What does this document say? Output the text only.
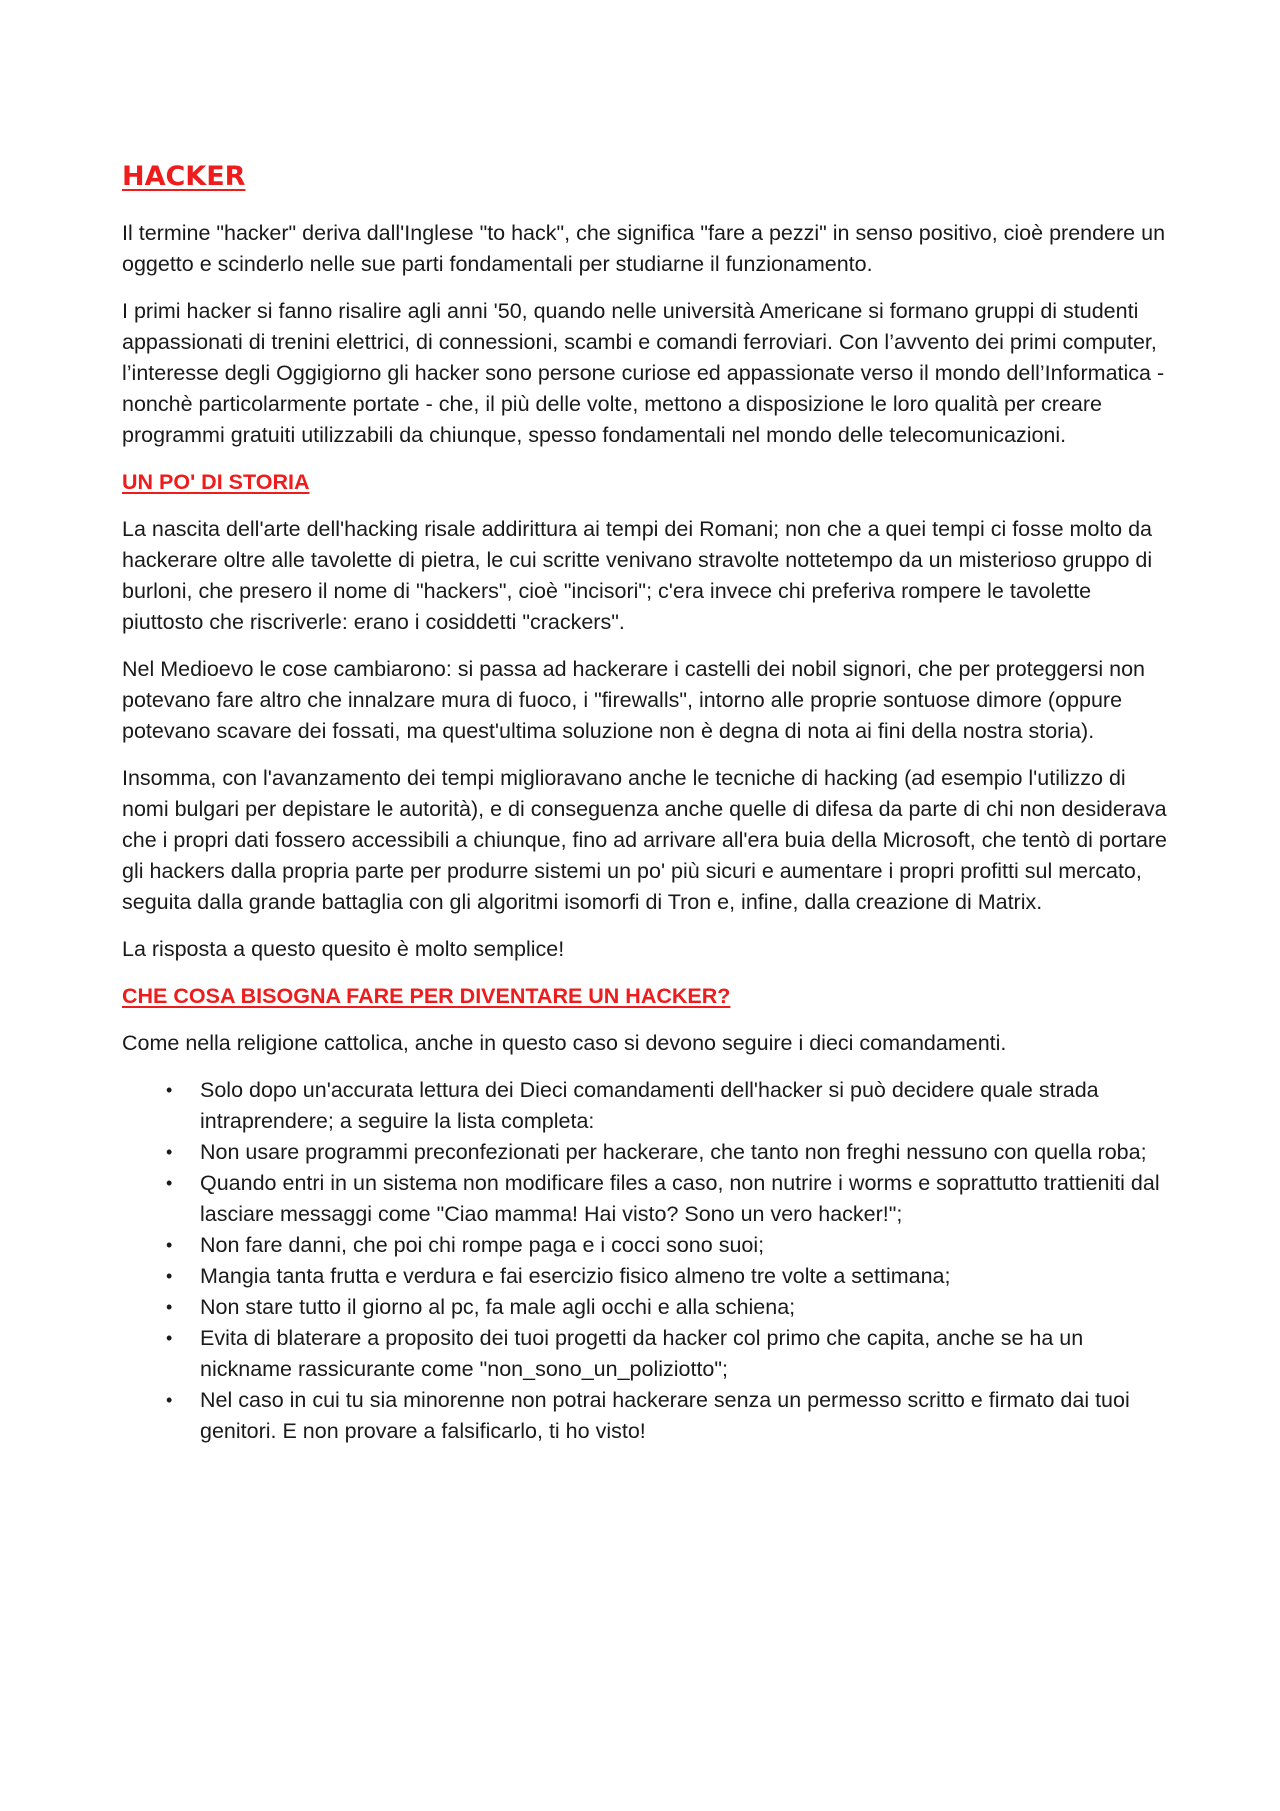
HACKER

Il termine "hacker" deriva dall'Inglese "to hack", che significa "fare a pezzi" in senso positivo, cioè prendere un oggetto e scinderlo nelle sue parti fondamentali per studiarne il funzionamento.

I primi hacker si fanno risalire agli anni '50, quando nelle università Americane si formano gruppi di studenti appassionati di trenini elettrici, di connessioni, scambi e comandi ferroviari. Con l’avvento dei primi computer, l’interesse degli Oggigiorno gli hacker sono persone curiose ed appassionate verso il mondo dell’Informatica - nonchè particolarmente portate - che, il più delle volte, mettono a disposizione le loro qualità per creare programmi gratuiti utilizzabili da chiunque, spesso fondamentali nel mondo delle telecomunicazioni.

UN PO' DI STORIA

La nascita dell'arte dell'hacking risale addirittura ai tempi dei Romani; non che a quei tempi ci fosse molto da hackerare oltre alle tavolette di pietra, le cui scritte venivano stravolte nottetempo da un misterioso gruppo di burloni, che presero il nome di "hackers", cioè "incisori"; c'era invece chi preferiva rompere le tavolette piuttosto che riscriverle: erano i cosiddetti "crackers".

Nel Medioevo le cose cambiarono: si passa ad hackerare i castelli dei nobil signori, che per proteggersi non potevano fare altro che innalzare mura di fuoco, i "firewalls", intorno alle proprie sontuose dimore (oppure potevano scavare dei fossati, ma quest'ultima soluzione non è degna di nota ai fini della nostra storia).

Insomma, con l'avanzamento dei tempi miglioravano anche le tecniche di hacking (ad esempio l'utilizzo di nomi bulgari per depistare le autorità), e di conseguenza anche quelle di difesa da parte di chi non desiderava che i propri dati fossero accessibili a chiunque, fino ad arrivare all'era buia della Microsoft, che tentò di portare gli hackers dalla propria parte per produrre sistemi un po' più sicuri e aumentare i propri profitti sul mercato, seguita dalla grande battaglia con gli algoritmi isomorfi di Tron e, infine, dalla creazione di Matrix.

La risposta a questo quesito è molto semplice!

CHE COSA BISOGNA FARE PER DIVENTARE UN HACKER?

Come nella religione cattolica, anche in questo caso si devono seguire i dieci comandamenti.

• Solo dopo un'accurata lettura dei Dieci comandamenti dell'hacker si può decidere quale strada intraprendere; a seguire la lista completa:
• Non usare programmi preconfezionati per hackerare, che tanto non freghi nessuno con quella roba;
• Quando entri in un sistema non modificare files a caso, non nutrire i worms e soprattutto trattieniti dal lasciare messaggi come "Ciao mamma! Hai visto? Sono un vero hacker!";
• Non fare danni, che poi chi rompe paga e i cocci sono suoi;
• Mangia tanta frutta e verdura e fai esercizio fisico almeno tre volte a settimana;
• Non stare tutto il giorno al pc, fa male agli occhi e alla schiena;
• Evita di blaterare a proposito dei tuoi progetti da hacker col primo che capita, anche se ha un nickname rassicurante come "non_sono_un_poliziotto";
• Nel caso in cui tu sia minorenne non potrai hackerare senza un permesso scritto e firmato dai tuoi genitori. E non provare a falsificarlo, ti ho visto!
